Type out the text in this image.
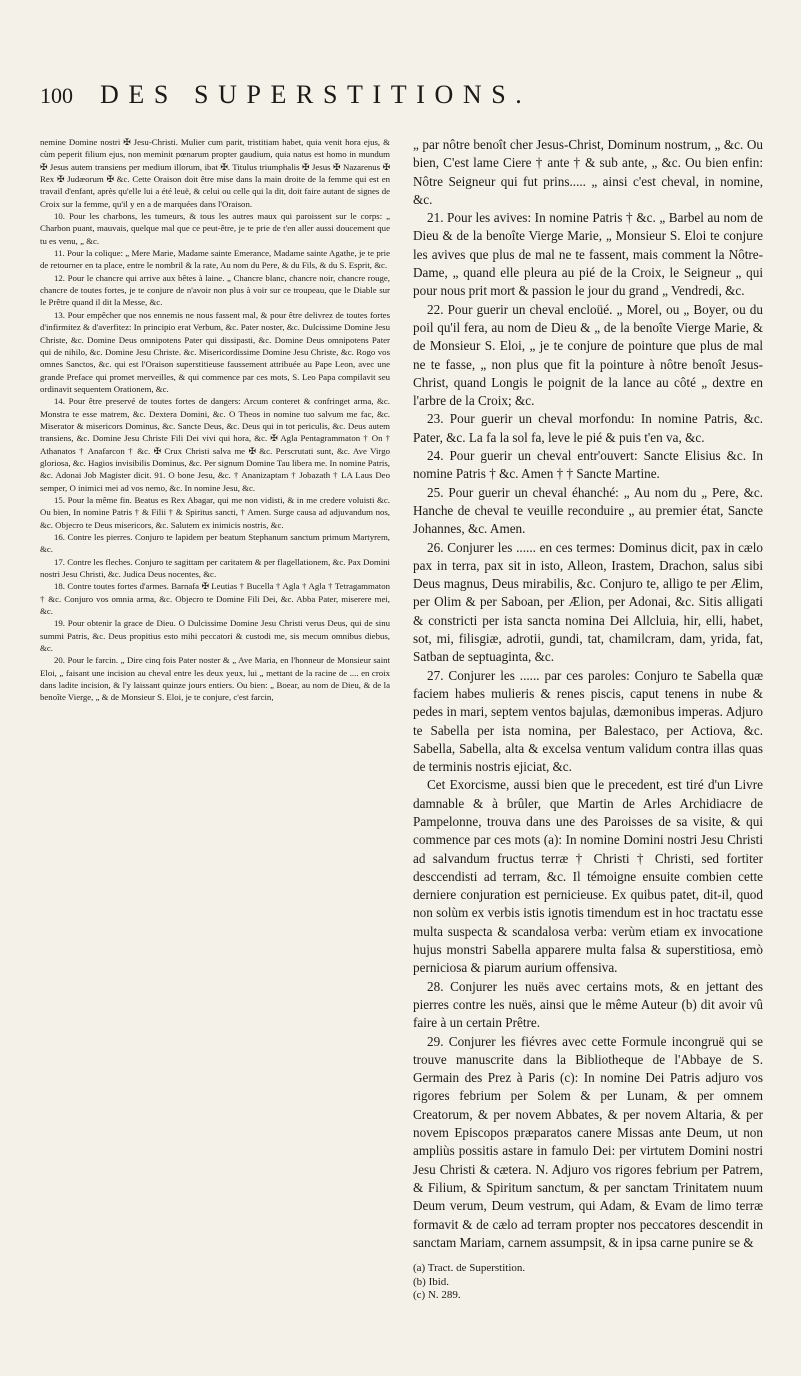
100 DES SUPERSTITIONS.

nemine Domine nostri ✠ Jesu-Christi. Mulier cum parit, tristitiam habet, quia venit hora ejus, & cùm peperit filium ejus, non meminit pœnarum propter gaudium, quia natus est homo in mundum ✠ Jesus autem transiens per medium illorum, ibat ✠. Titulus triumphalis ✠ Jesus ✠ Nazarenus ✠ Rex ✠ Judæorum ✠ &c. Cette Oraison doit être mise dans la main droite de la femme qui est en travail d'enfant, après qu'elle lui a été leuë, & celui ou celle qui la dit, doit faire autant de signes de Croix sur la femme, qu'il y en a de marquées dans l'Oraison.

10. Pour les charbons, les tumeurs, & tous les autres maux qui paroissent sur le corps: „ Charbon puant, mauvais, quelque mal que ce peut-être, je te prie de t'en aller aussi doucement que tu es venu, „ &c.

11. Pour la colique: „ Mere Marie, Madame sainte Emerance, Madame sainte Agathe, je te prie de retourner en ta place, entre le nombril & la rate, Au nom du Pere, & du Fils, & du S. Esprit, &c.

12. Pour le chancre qui arrive aux bêtes à laine. „ Chancre blanc, chancre noir, chancre rouge, chancre de toutes fortes, je te conjure de n'avoir non plus à voir sur ce troupeau, que le Diable sur le Prêtre quand il dit la Messe, &c.

13. Pour empêcher que nos ennemis ne nous fassent mal, & pour être delivrez de toutes fortes d'infirmitez & d'averfitez: In principio erat Verbum, &c. Pater noster, &c. Dulcissime Domine Jesu Christe, &c. Domine Deus omnipotens Pater qui dissipasti, &c. Domine Deus omnipotens Pater qui de nihilo, &c. Domine Jesu Christe. &c. Misericordissime Domine Jesu Christe, &c. Rogo vos omnes Sanctos, &c. qui est l'Oraison superstitieuse faussement attribuée au Pape Leon, avec une grande Preface qui promet merveilles, & qui commence par ces mots, S. Leo Papa compilavit seu ordinavit sequentem Orationem, &c.

14. Pour être preservé de toutes fortes de dangers: Arcum conteret & confringet arma, &c. Monstra te esse matrem, &c. Dextera Domini, &c. O Theos in nomine tuo salvum me fac, &c. Miserator & misericors Dominus, &c. Sanctе Deus, &c. Deus qui in tot periculis, &c. Deus autem transiens, &c. Domine Jesu Christe Fili Dei vivi qui hora, &c. ✠ Agla Pentagrammaton † On † Athanatos † Anafarcon † &c. ✠ Crux Christi salva me ✠ &c. Perscrutati sunt, &c. Ave Virgo gloriosa, &c. Hagios invisibilis Dominus, &c. Per signum Domine Tau libera me. In nomine Patris, &c. Adonai Job Magister dicit. 91. O bone Jesu, &c. † Ananizaptam † Jobazath † LA Laus Deo semper, O inimici mei ad vos nemo, &c. In nomine Jesu, &c.

15. Pour la même fin. Beatus es Rex Abagar, qui me non vidisti, & in me credere voluisti &c. Ou bien, In nomine Patris † & Filii † & Spiritus sancti, † Amen. Surge causa ad adjuvandum nos, &c. Objecro te Deus misericors, &c. Salutem ex inimicis nostris, &c.

16. Contre les pierres. Conjuro te lapidem per beatum Stephanum sanctum primum Martyrem, &c.

17. Contre les fleches. Conjuro te sagittam per caritatem & per flagellationem, &c. Pax Domini nostri Jesu Christi, &c. Judica Deus nocentes, &c.

18. Contre toutes fortes d'armes. Barnafa ✠ Leutias † Bucella † Agla † Agla † Tetragammaton † &c. Conjuro vos omnia arma, &c. Objecro te Domine Fili Dei, &c. Abba Pater, miserere mei, &c.

19. Pour obtenir la grace de Dieu. O Dulcissime Domine Jesu Christi verus Deus, qui de sinu summi Patris, &c. Deus propitius esto mihi peccatori & custodi me, sis mecum omnibus diebus, &c.

20. Pour le farcin. „ Dire cinq fois Pater noster & „ Ave Maria, en l'honneur de Monsieur saint Eloi, „ faisant une incision au cheval entre les deux yeux, lui „ mettant de la racine de .... en croix dans ladite incision, & l'y laissant quinze jours entiers. Ou bien: „ Boear, au nom de Dieu, & de la benoîte Vierge, „ & de Monsieur S. Eloi, je te conjure, c'est farcin,

„ par nôtre benoît cher Jesus-Christ, Dominum nostrum, „ &c. Ou bien, C'est lame Ciere † ante † & sub ante, „ &c. Ou bien enfin: Nôtre Seigneur qui fut prins..... „ ainsi c'est cheval, in nomine, &c.

21. Pour les avives: In nomine Patris † &c. „ Barbel au nom de Dieu & de la benoîte Vierge Marie, „ Monsieur S. Eloi te conjure les avives que plus de mal ne te fassent, mais comment la Nôtre-Dame, „ quand elle pleura au pié de la Croix, le Seigneur „ qui pour nous prit mort & passion le jour du grand „ Vendredi, &c.

22. Pour guerir un cheval encloüé. „ Morel, ou „ Boyer, ou du poil qu'il fera, au nom de Dieu & „ de la benoîte Vierge Marie, & de Monsieur S. Eloi, „ je te conjure de pointure que plus de mal ne te fasse, „ non plus que fit la pointure à nôtre benoît Jesus-Christ, quand Longis le poignit de la lance au côté „ dextre en l'arbre de la Croix; &c.

23. Pour guerir un cheval morfondu: In nomine Patris, &c. Pater, &c. La fa la sol fa, leve le pié & puis t'en va, &c.

24. Pour guerir un cheval entr'ouvert: Sanctе Elisius &c. In nomine Patris † &c. Amen † † Sanctе Martine.

25. Pour guerir un cheval éhanché: „ Au nom du „ Pere, &c. Hanche de cheval te veuille reconduire „ au premier état, Sanctе Johannes, &c. Amen.

26. Conjurer les ...... en ces termes: Dominus dicit, pax in cælo pax in terra, pax sit in isto, Alleon, Irastem, Drachon, salus sibi Deus magnus, Deus mirabilis, &c. Conjuro te, alligo te per Ælim, per Olim & per Saboan, per Ælion, per Adonai, &c. Sitis alligati & constricti per ista sancta nomina Dei Allcluia, hir, elli, habet, sot, mi, filisgiæ, adrotii, gundi, tat, chamilcram, dam, yrida, fat, Satban de septuaginta, &c.

27. Conjurer les ...... par ces paroles: Conjuro te Sabella quæ faciem habes mulieris & renes piscis, caput tenens in nube & pedes in mari, septem ventos bajulas, dæmonibus imperas. Adjuro te Sabella per ista nomina, per Balestaco, per Actiova, &c. Sabella, Sabella, alta & excelsa ventum validum contra illas quas de terminis nostris ejiciat, &c.

Cet Exorcisme, aussi bien que le precedent, est tiré d'un Livre damnable & à brûler, que Martin de Arles Archidiacre de Pampelonne, trouva dans une des Paroisses de sa visite, & qui commence par ces mots (a): In nomine Domini nostri Jesu Christi ad salvandum fructus terræ † Christi † Christi, sed fortiter desccendisti ad terram, &c. Il témoigne ensuite combien cette derniere conjuration est pernicieuse. Ex quibus patet, dit-il, quod non solùm ex verbis istis ignotis timendum est in hoc tractatu esse multa suspecta & scandalosa verba: verùm etiam ex invocatione hujus monstri Sabella apparere multa falsa & superstitiosa, emò perniciosa & piarum aurium offensiva.

28. Conjurer les nuës avec certains mots, & en jettant des pierres contre les nuës, ainsi que le même Auteur (b) dit avoir vû faire à un certain Prêtre.

29. Conjurer les fiévres avec cette Formule incongruë qui se trouve manuscrite dans la Bibliotheque de l'Abbaye de S. Germain des Prez à Paris (c): In nomine Dei Patris adjuro vos rigores febrium per Solem & per Lunam, & per omnem Creatorum, & per novem Abbates, & per novem Altaria, & per novem Episcopos præparatos canere Missas ante Deum, ut non ampliùs possitis astare in famulo Dei: per virtutem Domini nostri Jesu Christi & cætera. N. Adjuro vos rigores febrium per Patrem, & Filium, & Spiritum sanctum, & per sanctam Trinitatem nuum Deum verum, Deum vestrum, qui Adam, & Evam de limo terræ formavit & de cælo ad terram propter nos peccatores descendit in sanctam Mariam, carnem assumpsit, & in ipsa carne punire se &

(a) Tract. de Superstition.
(b) Ibid.
(c) N. 289.
